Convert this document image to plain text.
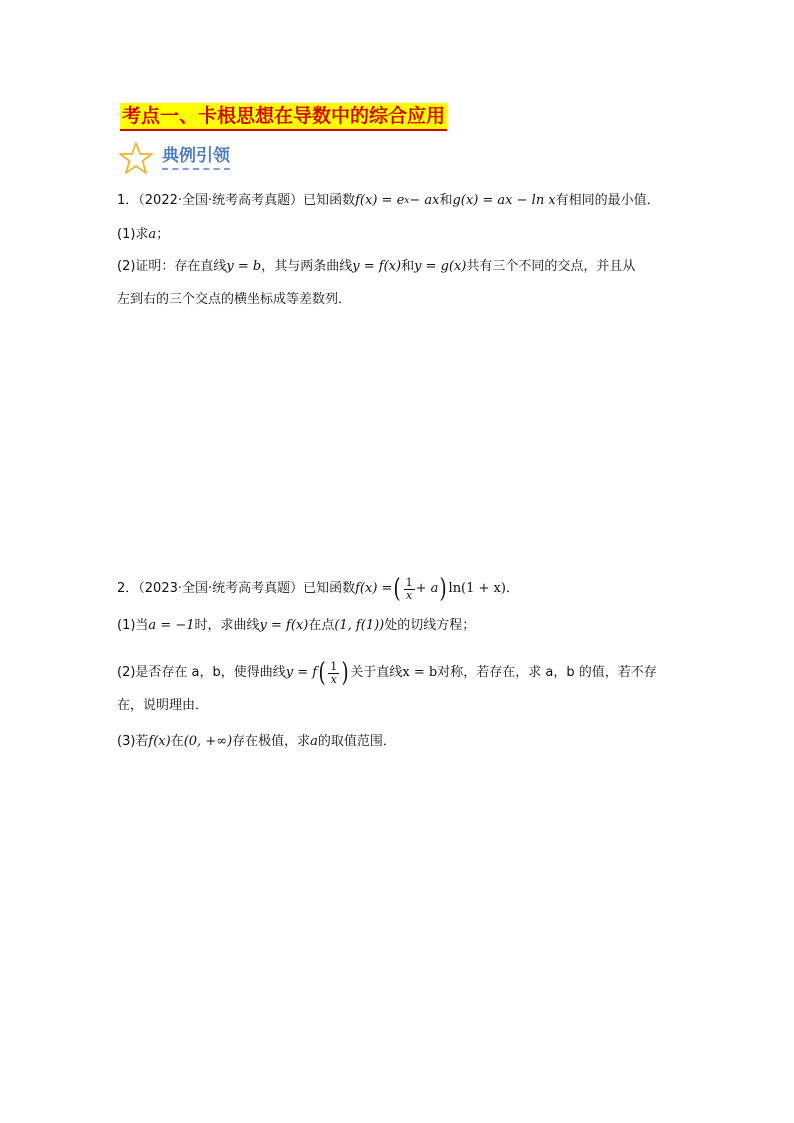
考点一、卡根思想在导数中的综合应用
典例引领
1．（2022·全国·统考高考真题）已知函数 f(x) = e x − ax 和 g(x) = ax − ln x 有相同的最小值．
(1)求 a ；
(2)证明：存在直线 y = b ，其与两条曲线 y = f(x) 和 y = g(x) 共有三个不同的交点，并且从
左到右的三个交点的横坐标成等差数列．
2．（2023·全国·统考高考真题）已知函数 f(x) = ( $\frac{1}{x} + a$ ) ln(1 + x) ．
(1)当 a = −1 时，求曲线 y = f(x) 在点 (1, f(1)) 处的切线方程；
(2)是否存在 a，b，使得曲线 y = f ( $\frac{1}{x}$ ) 关于直线 x = b 对称，若存在，求 a，b 的值，若不存
在，说明理由．
(3)若 f(x) 在 (0, +∞) 存在极值，求 a 的取值范围．
